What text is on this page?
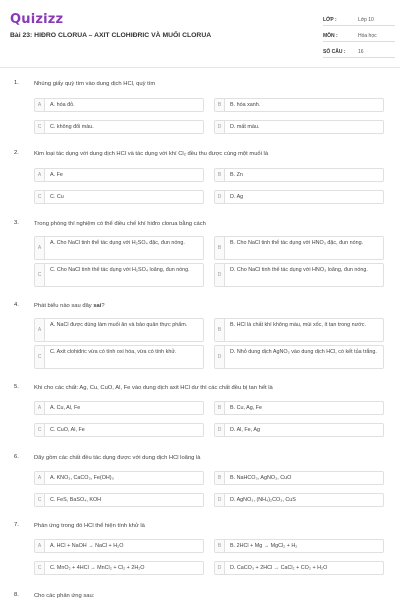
Quizizz
Bài 23: HIĐRO CLORUA – AXIT CLOHIĐRIC VÀ MUỐI CLORUA
LỚP :	Lớp 10
MÔN :	Hóa học
SỐ CÂU :	16
1.	Nhúng giấy quỳ tím vào dung dịch HCl, quỳ tím
A	A. hóa đỏ.	B	B. hóa xanh.
C	C. không đổi màu.	D	D. mất màu.
2.	Kim loại tác dụng với dung dịch HCl và tác dụng với khí Cl₂ đều thu được cùng một muối là
A	A. Fe	B	B. Zn
C	C. Cu	D	D. Ag
3.	Trong phòng thí nghiệm có thể điều chế khí hiđro clorua bằng cách
A
A. Cho NaCl tinh thể tác dụng với H₂SO₄ đặc, đun nóng.
B
B. Cho NaCl tinh thể tác dụng với HNO₃ đặc, đun nóng.
C
C. Cho NaCl tinh thể tác dụng với H₂SO₄ loãng, đun nóng.
D
D. Cho NaCl tinh thể tác dụng với HNO₃ loãng, đun nóng.
4.	Phát biểu nào sau đây sai?
A
A. NaCl được dùng làm muối ăn và bảo quản thực phẩm.
B
B. HCl là chất khí không màu, mùi xốc, ít tan trong nước.
C
C. Axit clohiđric vừa có tính oxi hóa, vừa có tính khử.
D
D. Nhỏ dung dịch AgNO₃ vào dung dịch HCl, có kết tủa trắng.
5.	Khi cho các chất: Ag, Cu, CuO, Al, Fe vào dung dịch axit HCl dư thì các chất đều bị tan hết là
A	A. Cu, Al, Fe	B	B. Cu, Ag, Fe
C	C. CuO, Al, Fe	D	D. Al, Fe, Ag
6.	Dãy gồm các chất đều tác dụng được với dung dịch HCl loãng là
A	A. KNO₃, CaCO₃, Fe(OH)₃	B	B. NaHCO₃, AgNO₃, CuO
C	C. FeS, BaSO₄, KOH	D	D. AgNO₃, (NH₄)₂CO₃, CuS
7.	Phản ứng trong đó HCl thể hiện tính khử là
A	A. HCl + NaOH → NaCl + H₂O	B	B. 2HCl + Mg → MgCl₂ + H₂
C	C. MnO₂ + 4HCl → MnCl₂ + Cl₂ + 2H₂O	D	D. CaCO₃ + 2HCl → CaCl₂ + CO₂ + H₂O
8.	Cho các phản ứng sau:
